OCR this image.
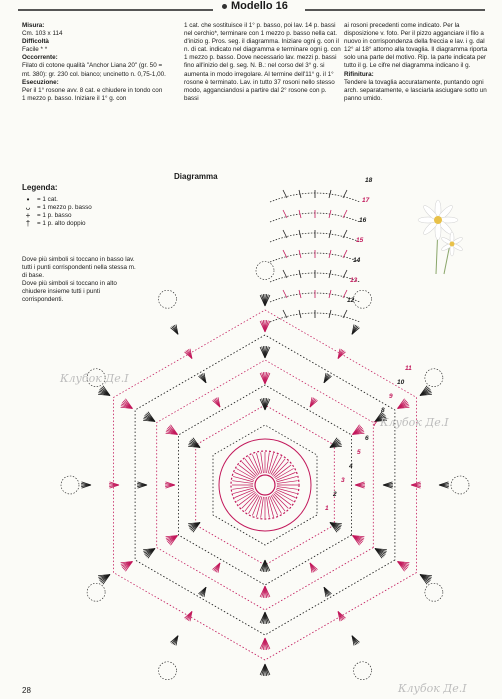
Modello 16
Misura:
Cm. 103 x 114
Difficoltà
Facile * *
Occorrente:
Filato di cotone qualità "Anchor Liana 20" (gr. 50 = mt. 380): gr. 230 col. bianco; uncinetto n. 0,75-1,00.
Esecuzione:
Per il 1° rosone avv. 8 cat. e chiudere in tondo con 1 mezzo p. basso. Iniziare il 1° g. con
1 cat. che sostituisce il 1° p. basso, poi lav. 14 p. bassi nel cerchio*, terminare con 1 mezzo p. basso nella cat. d'inizio g. Pros. seg. il diagramma. Iniziare ogni g. con il n. di cat. indicato nel diagramma e terminare ogni g. con 1 mezzo p. basso. Dove necessario lav. mezzi p. bassi fino all'inizio del g. seg. N. B.: nel corso del 3° g. si aumenta in modo irregolare. Al termine dell'11° g. il 1° rosone è terminato. Lav. in tutto 37 rosoni nello stesso modo, agganciandosi a partire dal 2° rosone con p. bassi
ai rosoni precedenti come indicato. Per la disposizione v. foto. Per il pizzo agganciare il filo a nuovo in corrispondenza della freccia e lav. i g. dal 12° al 18° attorno alla tovaglia. Il diagramma riporta solo una parte del motivo. Rip. la parte indicata per tutto il g. Le cifre nel diagramma indicano il g.
Rifinitura:
Tendere la tovaglia accuratamente, puntando ogni arch. separatamente, e lasciarla asciugare sotto un panno umido.
Diagramma
Legenda:
•	= 1 cat.
ᴗ	= 1 mezzo p. basso
+	= 1 p. basso
†	= 1 p. alto doppio
Dove più simboli si toccano in basso lav. tutti i punti corrispondenti nella stessa m. di base.
Dove più simboli si toccano in alto chiudere insieme tutti i punti corrispondenti.
18
17
16
15
14
13
12
11
10
9
8
7
6
5
4
3
2
1
Клубок Де.І
Клубок Де.І
Клубок Де.І
28
